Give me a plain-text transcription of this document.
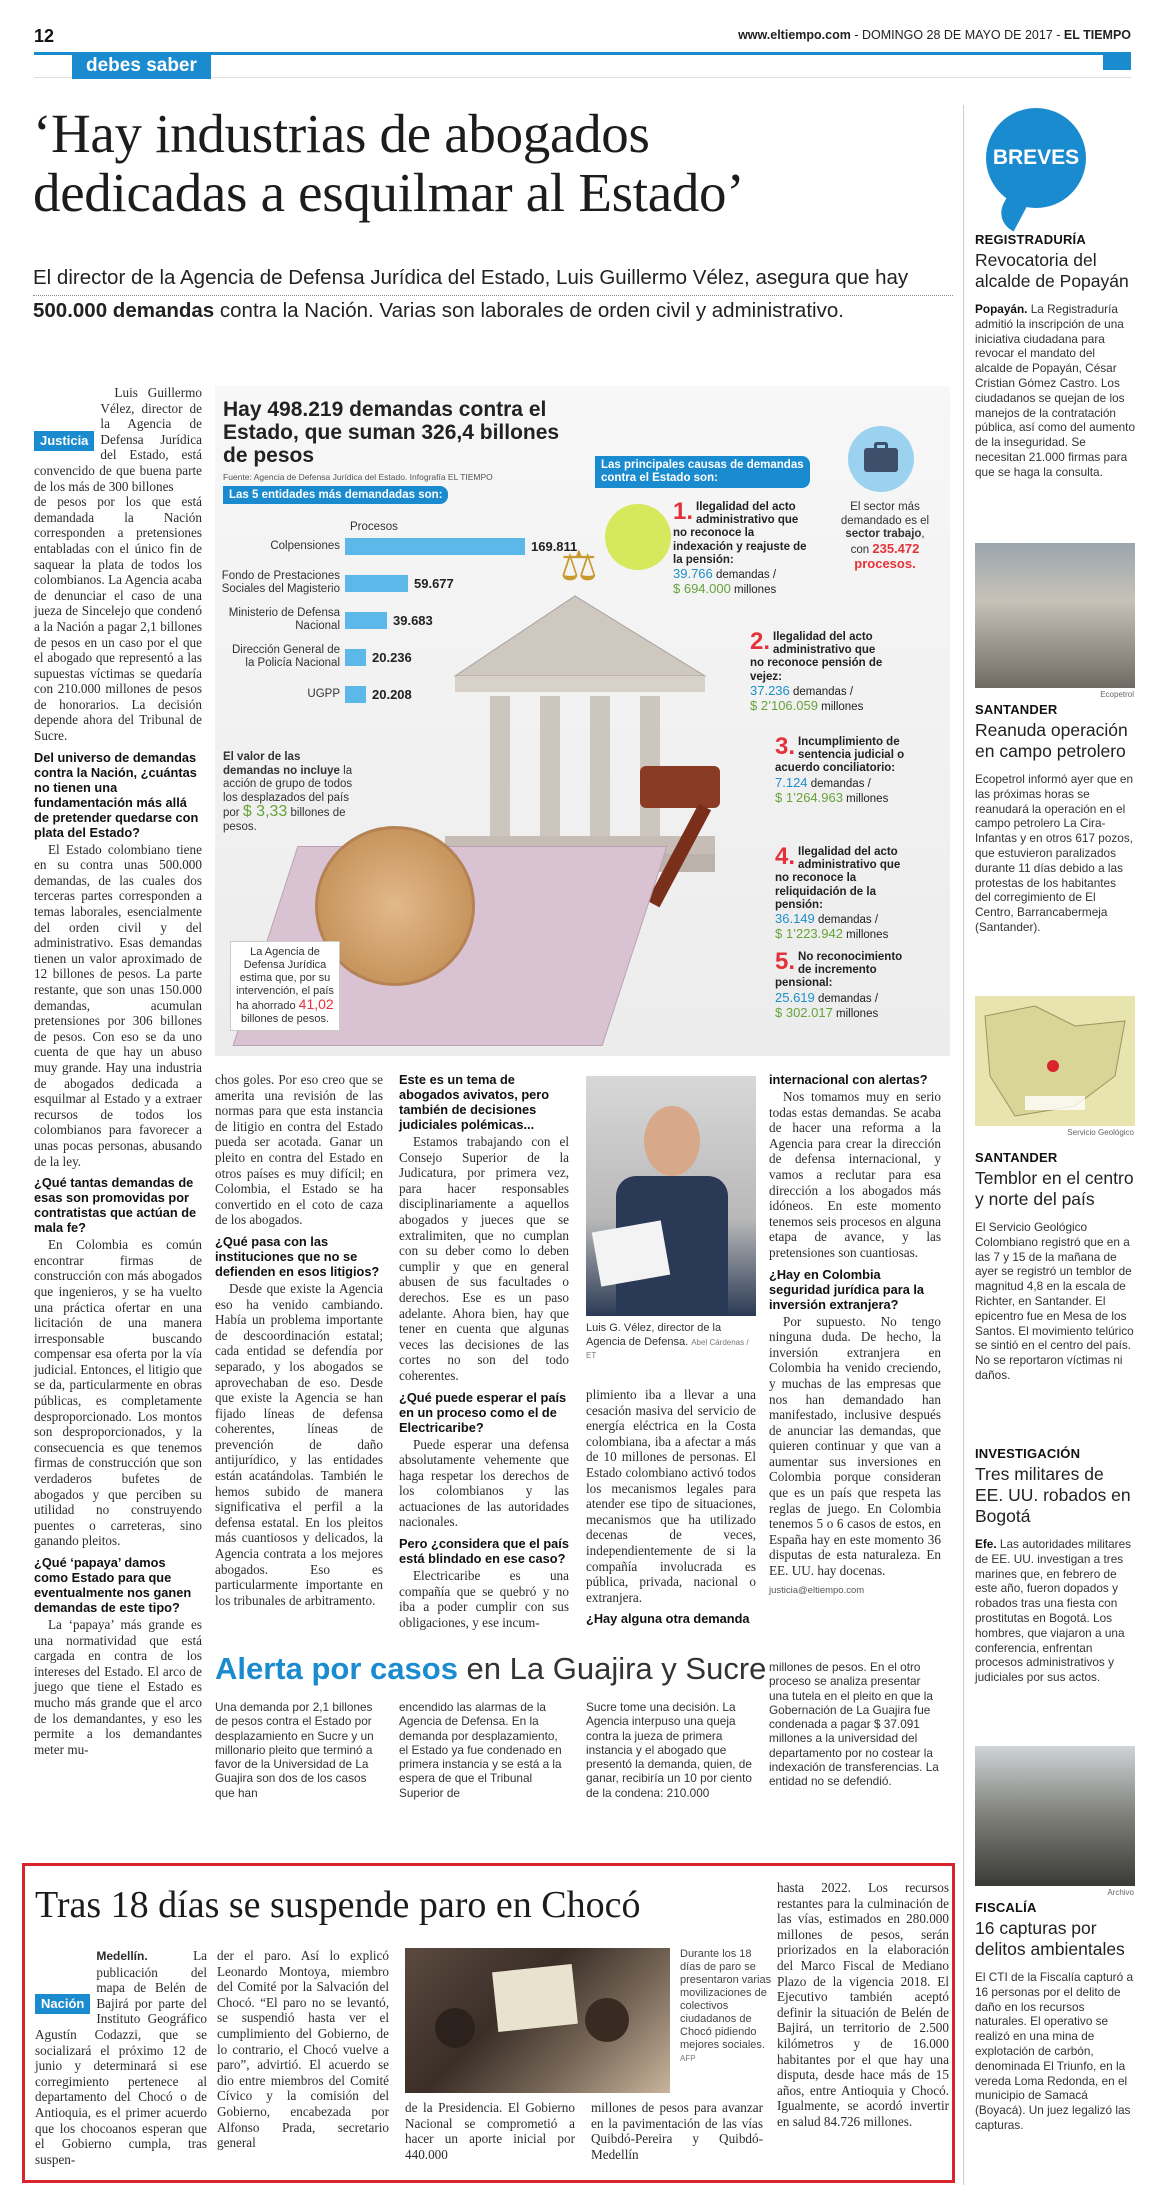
12	www.eltiempo.com - DOMINGO 28 DE MAYO DE 2017 - EL TIEMPO
debes saber
‘Hay industrias de abogados
dedicadas a esquilmar al Estado’
El director de la Agencia de Defensa Jurídica del Estado, Luis Guillermo Vélez, asegura que hay
500.000 demandas contra la Nación. Varias son laborales de orden civil y administrativo.
Justicia

Luis Guillermo Vélez, director de la Agencia de Defensa Jurídica del Estado, está convencido de que buena parte de los más de 300 billones

de pesos por los que está demandada la Nación corresponden a pretensiones entabladas con el único fin de saquear la plata de todos los colombianos. La Agencia acaba de denunciar el caso de una jueza de Sincelejo que condenó a la Nación a pagar 2,1 billones de pesos en un caso por el que el abogado que representó a las supuestas víctimas se quedaría con 210.000 millones de pesos de honorarios. La decisión depende ahora del Tribunal de Sucre.

Del universo de demandas contra la Nación, ¿cuántas no tienen una fundamentación más allá de pretender quedarse con plata del Estado?

El Estado colombiano tiene en su contra unas 500.000 demandas, de las cuales dos terceras partes corresponden a temas laborales, esencialmente del orden civil y del administrativo. Esas demandas tienen un valor aproximado de 12 billones de pesos. La parte restante, que son unas 150.000 demandas, acumulan pretensiones por 306 billones de pesos. Con eso se da uno cuenta de que hay un abuso muy grande. Hay una industria de abogados dedicada a esquilmar al Estado y a extraer recursos de todos los colombianos para favorecer a unas pocas personas, abusando de la ley.

¿Qué tantas demandas de esas son promovidas por contratistas que actúan de mala fe?

En Colombia es común encontrar firmas de construcción con más abogados que ingenieros, y se ha vuelto una práctica ofertar en una licitación de una manera irresponsable buscando compensar esa oferta por la vía judicial. Entonces, el litigio que se da, particularmente en obras públicas, es completamente desproporcionado. Los montos son desproporcionados, y la consecuencia es que tenemos firmas de construcción que son verdaderos bufetes de abogados y que perciben su utilidad no construyendo puentes o carreteras, sino ganando pleitos.

¿Qué ‘papaya’ damos como Estado para que eventualmente nos ganen demandas de este tipo?

La ‘papaya’ más grande es una normatividad que está cargada en contra de los intereses del Estado. El arco de juego que tiene el Estado es mucho más grande que el arco de los demandantes, y eso les permite a los demandantes meter mu-

Hay 498.219 demandas contra el Estado, que suman 326,4 billones de pesos
Fuente: Agencia de Defensa Jurídica del Estado. Infografía EL TIEMPO
Las 5 entidades más demandadas son:
Procesos
Colpensiones	169.811
Fondo de Prestaciones Sociales del Magisterio	59.677
Ministerio de Defensa Nacional	39.683
Dirección General de la Policía Nacional 20.236
UGPP 20.208
⚖
El sector más demandado es el sector trabajo, con 235.472 procesos.
Las principales causas de demandas contra el Estado son:
1. Ilegalidad del acto administrativo que no reconoce la indexación y reajuste de la pensión:
39.766 demandas /
$ 694.000 millones
2. Ilegalidad del acto administrativo que no reconoce pensión de vejez:
37.236 demandas /
$ 2’106.059 millones
3. Incumplimiento de sentencia judicial o acuerdo conciliatorio:
7.124 demandas /
$ 1’264.963 millones
4. Ilegalidad del acto administrativo que no reconoce la reliquidación de la pensión:
36.149 demandas /
$ 1’223.942 millones
5. No reconocimiento de incremento pensional:
25.619 demandas /
$ 302.017 millones
El valor de las demandas no incluye la acción de grupo de todos los desplazados del país por $ 3,33 billones de pesos.
La Agencia de Defensa Jurídica estima que, por su intervención, el país ha ahorrado 41,02 billones de pesos.

chos goles. Por eso creo que se amerita una revisión de las normas para que esta instancia de litigio en contra del Estado pueda ser acotada. Ganar un pleito en contra del Estado en otros países es muy difícil; en Colombia, el Estado se ha convertido en el coto de caza de los abogados.

¿Qué pasa con las instituciones que no se defienden en esos litigios?

Desde que existe la Agencia eso ha venido cambiando. Había un problema importante de descoordinación estatal; cada entidad se defendía por separado, y los abogados se aprovechaban de eso. Desde que existe la Agencia se han fijado líneas de defensa coherentes, líneas de prevención de daño antijurídico, y las entidades están acatándolas. También le hemos subido de manera significativa el perfil a la defensa estatal. En los pleitos más cuantiosos y delicados, la Agencia contrata a los mejores abogados. Eso es particularmente importante en los tribunales de arbitramento.

Este es un tema de abogados avivatos, pero también de decisiones judiciales polémicas...

Estamos trabajando con el Consejo Superior de la Judicatura, por primera vez, para hacer responsables disciplinariamente a aquellos abogados y jueces que se extralimiten, que no cumplan con su deber como lo deben cumplir y que en general abusen de sus facultades o derechos. Ese es un paso adelante. Ahora bien, hay que tener en cuenta que algunas veces las decisiones de las cortes no son del todo coherentes.

¿Qué puede esperar el país en un proceso como el de Electricaribe?

Puede esperar una defensa absolutamente vehemente que haga respetar los derechos de los colombianos y las actuaciones de las autoridades nacionales.

Pero ¿considera que el país está blindado en ese caso?

Electricaribe es una compañía que se quebró y no iba a poder cumplir con sus obligaciones, y ese incum-

Luis G. Vélez, director de la Agencia de Defensa. Abel Cárdenas / ET

plimiento iba a llevar a una cesación masiva del servicio de energía eléctrica en la Costa colombiana, iba a afectar a más de 10 millones de personas. El Estado colombiano activó todos los mecanismos legales para atender ese tipo de situaciones, mecanismos que ha utilizado decenas de veces, independientemente de si la compañía involucrada es pública, privada, nacional o extranjera.

¿Hay alguna otra demanda
internacional con alertas?

Nos tomamos muy en serio todas estas demandas. Se acaba de hacer una reforma a la Agencia para crear la dirección de defensa internacional, y vamos a reclutar para esa dirección a los abogados más idóneos. En este momento tenemos seis procesos en alguna etapa de avance, y las pretensiones son cuantiosas.

¿Hay en Colombia seguridad jurídica para la inversión extranjera?

Por supuesto. No tengo ninguna duda. De hecho, la inversión extranjera en Colombia ha venido creciendo, y muchas de las empresas que nos han demandado han manifestado, inclusive después de anunciar las demandas, que quieren continuar y que van a aumentar sus inversiones en Colombia porque consideran que es un país que respeta las reglas de juego. En Colombia tenemos 5 o 6 casos de estos, en España hay en este momento 36 disputas de esta naturaleza. En EE. UU. hay docenas.

justicia@eltiempo.com
Alerta por casos en La Guajira y Sucre
Una demanda por 2,1 billones de pesos contra el Estado por desplazamiento en Sucre y un millonario pleito que terminó a favor de la Universidad de La Guajira son dos de los casos que han
encendido las alarmas de la Agencia de Defensa. En la demanda por desplazamiento, el Estado ya fue condenado en primera instancia y se está a la espera de que el Tribunal Superior de
Sucre tome una decisión. La Agencia interpuso una queja contra la jueza de primera instancia y el abogado que presentó la demanda, quien, de ganar, recibiría un 10 por ciento de la condena: 210.000
millones de pesos. En el otro proceso se analiza presentar una tutela en el pleito en que la Gobernación de La Guajira fue condenada a pagar $ 37.091 millones a la universidad del departamento por no costear la indexación de transferencias. La entidad no se defendió.
Tras 18 días se suspende paro en Chocó
Nación
Medellín. La publicación del mapa de Belén de Bajirá por parte del Instituto Geográfico Agustín Codazzi, que se socializará el próximo 12 de junio y determinará si ese corregimiento pertenece al departamento del Chocó o de Antioquia, es el primer acuerdo que los chocoanos esperan que el Gobierno cumpla, tras suspen-
der el paro. Así lo explicó Leonardo Montoya, miembro del Comité por la Salvación del Chocó. “El paro no se levantó, se suspendió hasta ver el cumplimiento del Gobierno, de lo contrario, el Chocó vuelve a paro”, advirtió. El acuerdo se dio entre miembros del Comité Cívico y la comisión del Gobierno, encabezada por Alfonso Prada, secretario general
de la Presidencia. El Gobierno Nacional se comprometió a hacer un aporte inicial por 440.000
Durante los 18 días de paro se presentaron varias movilizaciones de colectivos ciudadanos de Chocó pidiendo mejores sociales. AFP
millones de pesos para avanzar en la pavimentación de las vías Quibdó-Pereira y Quibdó-Medellín
hasta 2022. Los recursos restantes para la culminación de las vías, estimados en 280.000 millones de pesos, serán priorizados en la elaboración del Marco Fiscal de Mediano Plazo de la vigencia 2018. El Ejecutivo también aceptó definir la situación de Belén de Bajirá, un territorio de 2.500 kilómetros y de 16.000 habitantes por el que hay una disputa, desde hace más de 15 años, entre Antioquia y Chocó. Igualmente, se acordó invertir en salud 84.726 millones.
BREVES
REGISTRADURÍA
Revocatoria del alcalde de Popayán
Popayán. La Registraduría admitió la inscripción de una iniciativa ciudadana para revocar el mandato del alcalde de Popayán, César Cristian Gómez Castro. Los ciudadanos se quejan de los manejos de la contratación pública, así como del aumento de la inseguridad. Se necesitan 21.000 firmas para que se haga la consulta.
Ecopetrol
SANTANDER
Reanuda operación en campo petrolero
Ecopetrol informó ayer que en las próximas horas se reanudará la operación en el campo petrolero La Cira-Infantas y en otros 617 pozos, que estuvieron paralizados durante 11 días debido a las protestas de los habitantes del corregimiento de El Centro, Barrancabermeja (Santander).
Servicio Geológico
SANTANDER
Temblor en el centro y norte del país
El Servicio Geológico Colombiano registró que en a las 7 y 15 de la mañana de ayer se registró un temblor de magnitud 4,8 en la escala de Richter, en Santander. El epicentro fue en Mesa de los Santos. El movimiento telúrico se sintió en el centro del país. No se reportaron víctimas ni daños.
INVESTIGACIÓN
Tres militares de EE. UU. robados en Bogotá
Efe. Las autoridades militares de EE. UU. investigan a tres marines que, en febrero de este año, fueron dopados y robados tras una fiesta con prostitutas en Bogotá. Los hombres, que viajaron a una conferencia, enfrentan procesos administrativos y judiciales por sus actos.
Archivo
FISCALÍA
16 capturas por delitos ambientales
El CTI de la Fiscalía capturó a 16 personas por el delito de daño en los recursos naturales. El operativo se realizó en una mina de explotación de carbón, denominada El Triunfo, en la vereda Loma Redonda, en el municipio de Samacá (Boyacá). Un juez legalizó las capturas.
